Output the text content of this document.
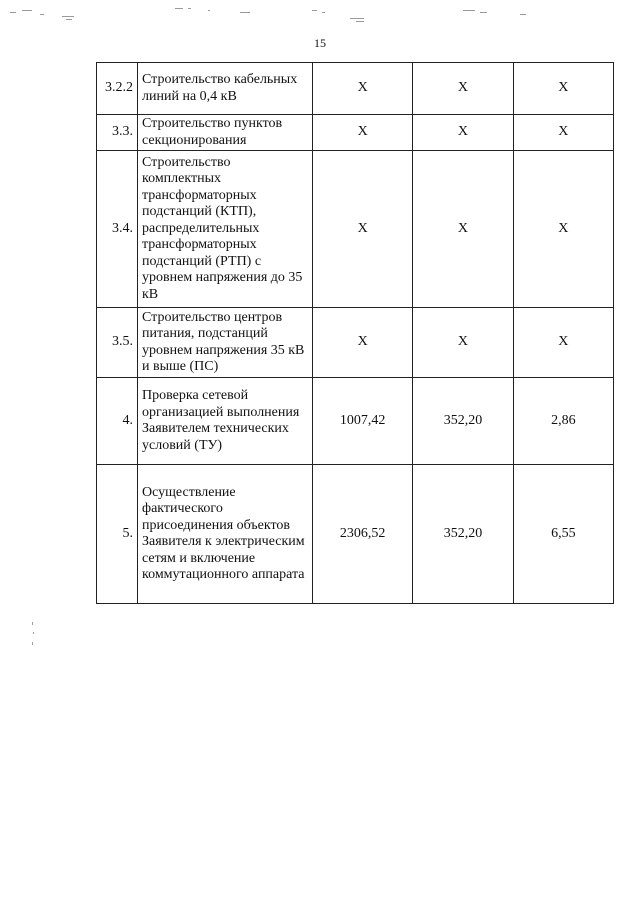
15
3.2.2	Строительство кабельных линий на 0,4 кВ	Х	Х	Х
3.3.	Строительство пунктов секционирования	Х	Х	Х
3.4.	Строительство комплектных трансформаторных подстанций (КТП), распределительных трансформаторных подстанций (РТП) с уровнем напряжения до 35 кВ	Х	Х	Х
3.5.	Строительство центров питания, подстанций уровнем напряжения 35 кВ и выше (ПС)	Х	Х	Х
4.	Проверка сетевой организацией выполнения Заявителем технических условий (ТУ)	1007,42	352,20	2,86
5.	Осуществление фактического присоединения объектов Заявителя к электрическим сетям и включение коммутационного аппарата	2306,52	352,20	6,55
